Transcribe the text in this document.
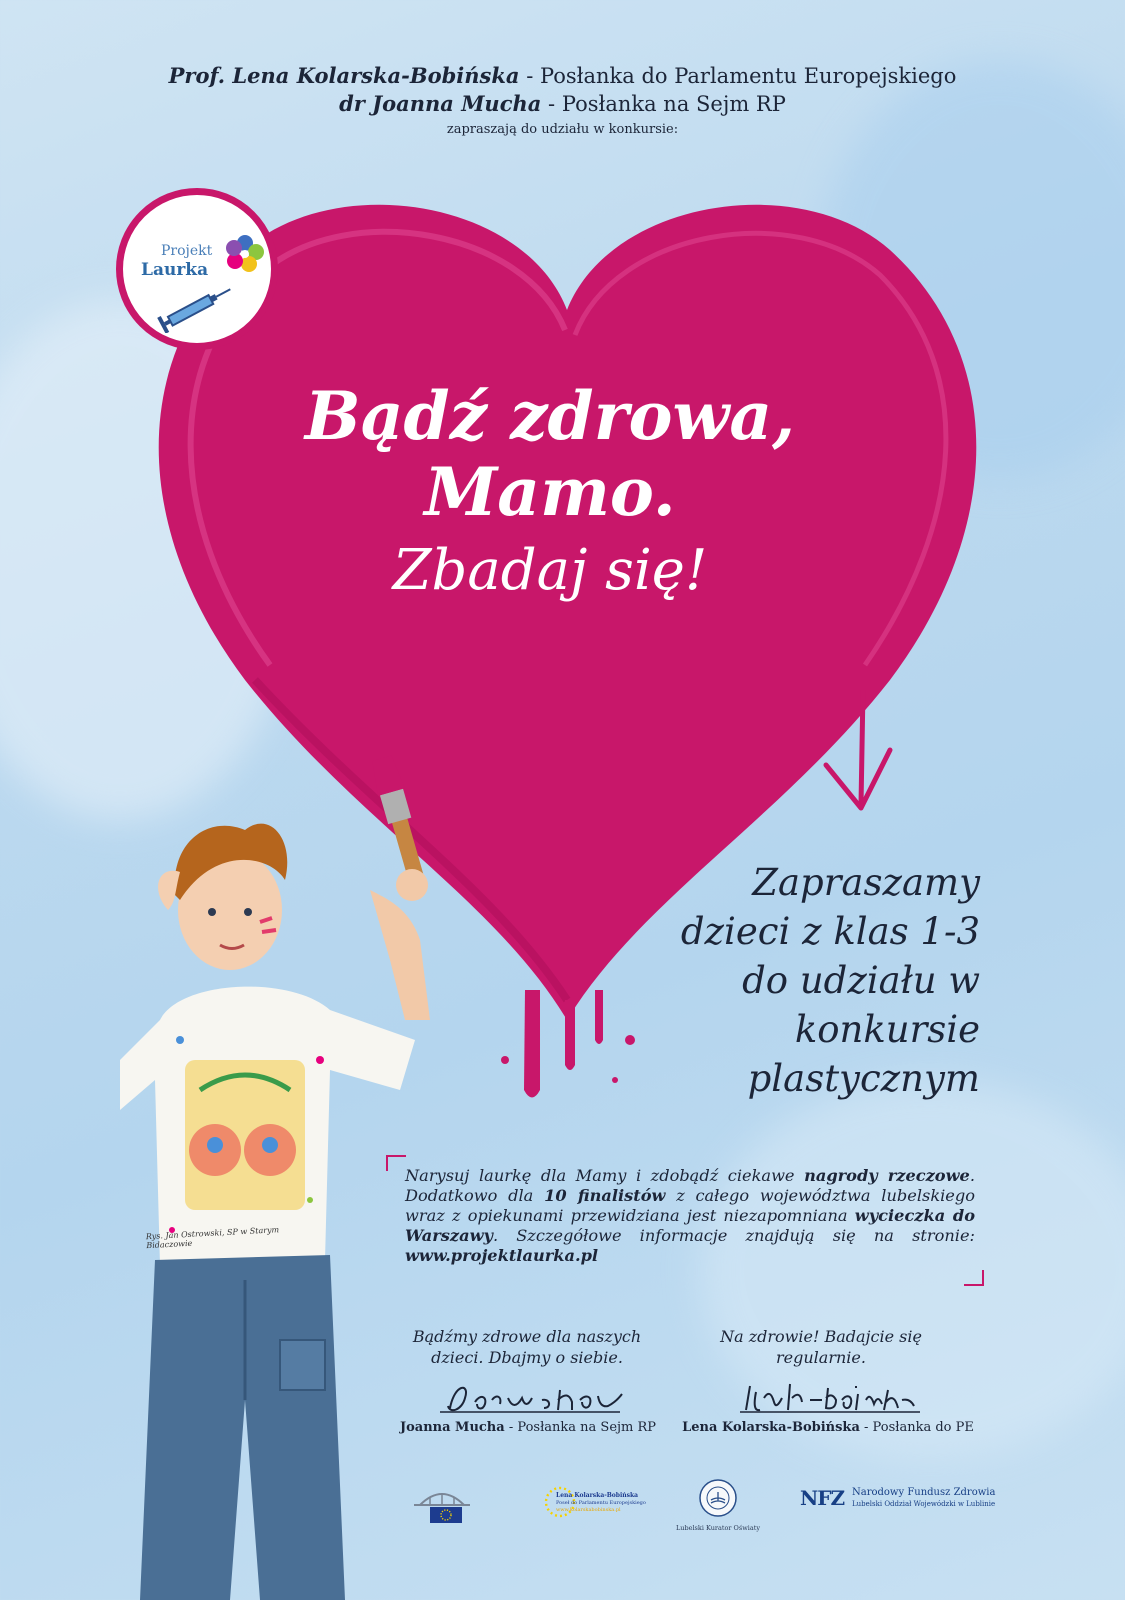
Prof. Lena Kolarska-Bobińska - Posłanka do Parlamentu Europejskiego
dr Joanna Mucha - Posłanka na Sejm RP
zapraszają do udziału w konkursie:
Projekt
Laurka
Bądź zdrowa,
Mamo.
Zbadaj się!
Rys. Jan Ostrowski, SP w Starym Bidaczowie
Zapraszamy
dzieci z klas 1-3
do udziału w
konkursie
plastycznym
Narysuj laurkę dla Mamy i zdobądź ciekawe nagrody rzeczowe. Dodatkowo dla 10 finalistów z całego województwa lubelskiego wraz z opiekunami przewidziana jest niezapomniana wycieczka do Warszawy. Szczegółowe informacje znajdują się na stronie: www.projektlaurka.pl
Bądźmy zdrowe dla naszych dzieci. Dbajmy o siebie.
Na zdrowie! Badajcie się regularnie.
Joanna Mucha - Posłanka na Sejm RP	Lena Kolarska-Bobińska - Posłanka do PE
Lena Kolarska-Bobińska
Poseł do Parlamentu Europejskiego
www.kolarskabobinska.pl
Lubelski Kurator Oświaty
NFZ Narodowy Fundusz Zdrowia
Lubelski Oddział Wojewódzki w Lublinie
